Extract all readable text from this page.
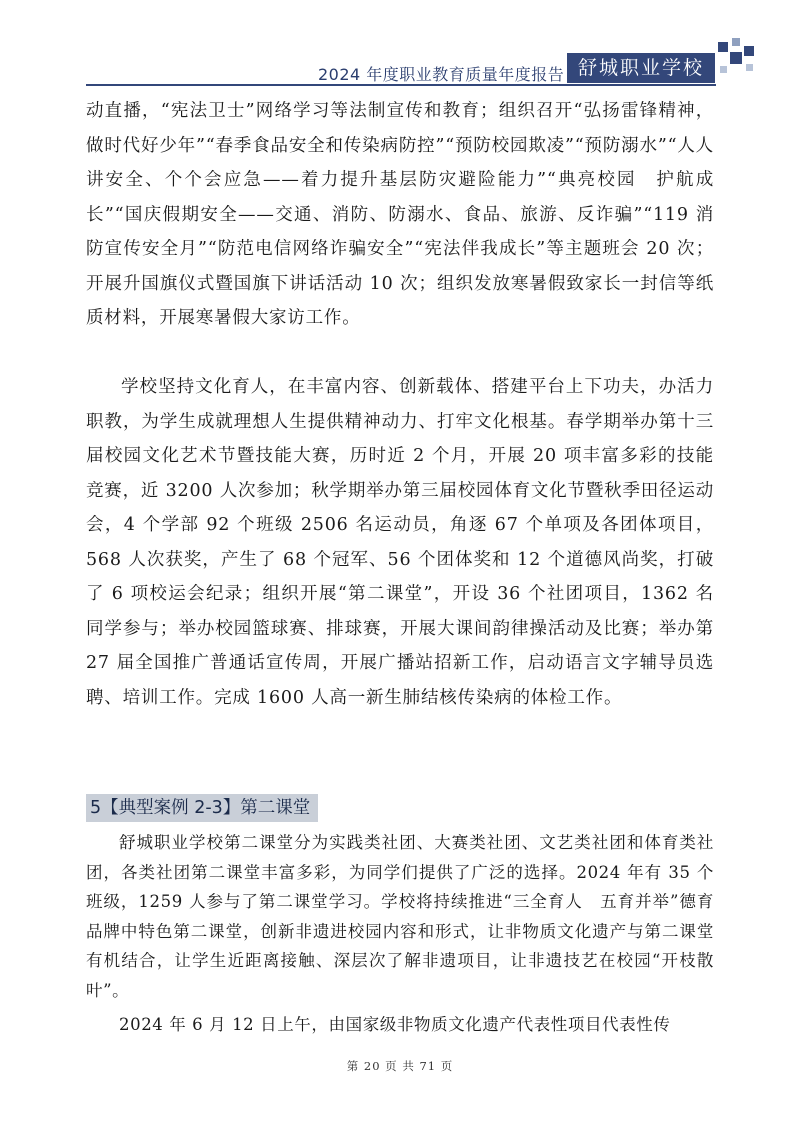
2024 年度职业教育质量年度报告 舒城职业学校
动直播，“宪法卫士”网络学习等法制宣传和教育；组织召开“弘扬雷锋精神，做时代好少年”“春季食品安全和传染病防控”“预防校园欺凌”“预防溺水”“人人讲安全、个个会应急——着力提升基层防灾避险能力”“典亮校园　护航成长”“国庆假期安全——交通、消防、防溺水、食品、旅游、反诈骗”“119 消防宣传安全月”“防范电信网络诈骗安全”“宪法伴我成长”等主题班会 20 次；开展升国旗仪式暨国旗下讲话活动 10 次；组织发放寒暑假致家长一封信等纸质材料，开展寒暑假大家访工作。
学校坚持文化育人，在丰富内容、创新载体、搭建平台上下功夫，办活力职教，为学生成就理想人生提供精神动力、打牢文化根基。春学期举办第十三届校园文化艺术节暨技能大赛，历时近 2 个月，开展 20 项丰富多彩的技能竞赛，近 3200 人次参加；秋学期举办第三届校园体育文化节暨秋季田径运动会，4 个学部 92 个班级 2506 名运动员，角逐 67 个单项及各团体项目，568 人次获奖，产生了 68 个冠军、56 个团体奖和 12 个道德风尚奖，打破了 6 项校运会纪录；组织开展“第二课堂”，开设 36 个社团项目，1362 名同学参与；举办校园篮球赛、排球赛，开展大课间韵律操活动及比赛；举办第 27 届全国推广普通话宣传周，开展广播站招新工作，启动语言文字辅导员选聘、培训工作。完成 1600 人高一新生肺结核传染病的体检工作。
5【典型案例 2-3】第二课堂
舒城职业学校第二课堂分为实践类社团、大赛类社团、文艺类社团和体育类社团，各类社团第二课堂丰富多彩，为同学们提供了广泛的选择。2024 年有 35 个班级，1259 人参与了第二课堂学习。学校将持续推进“三全育人　五育并举”德育品牌中特色第二课堂，创新非遗进校园内容和形式，让非物质文化遗产与第二课堂有机结合，让学生近距离接触、深层次了解非遗项目，让非遗技艺在校园“开枝散叶”。
2024 年 6 月 12 日上午，由国家级非物质文化遗产代表性项目代表性传
第 20 页 共 71 页
